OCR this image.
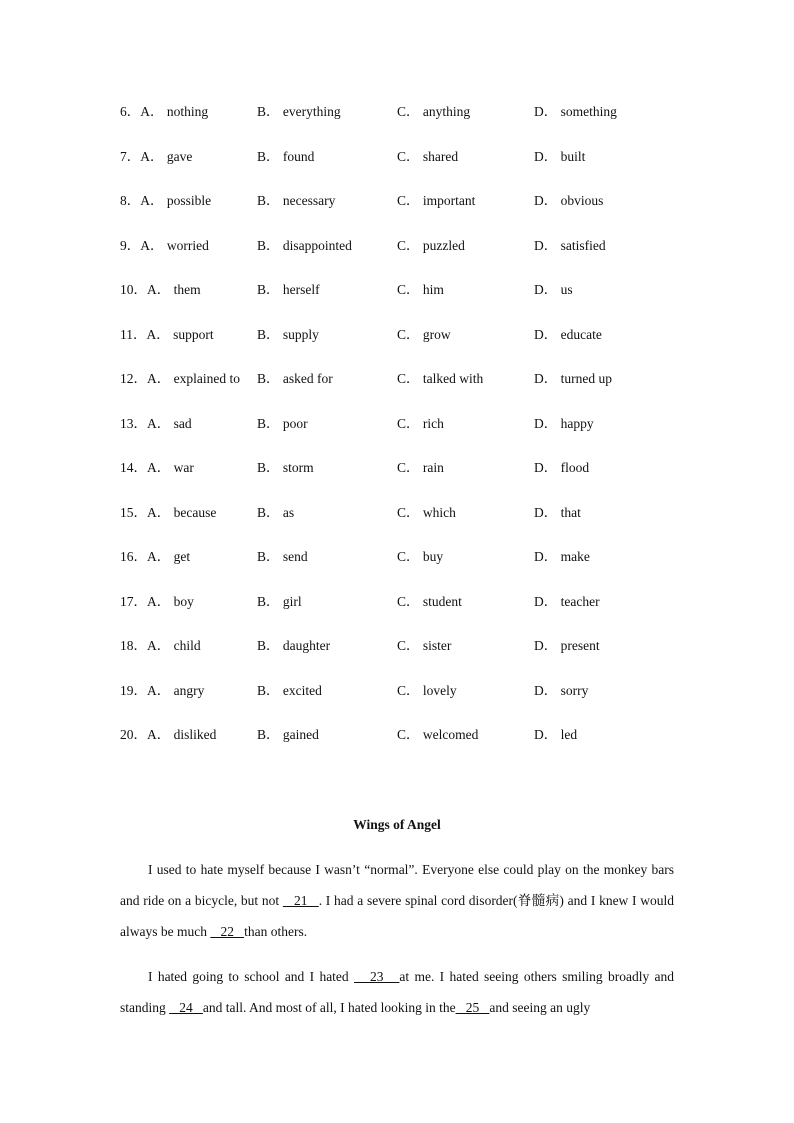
6．A． nothing	B． everything	C． anything	D． something
7．A． gave	B． found	C． shared	D． built
8．A． possible	B． necessary	C． important	D． obvious
9．A． worried	B． disappointed	C． puzzled	D． satisfied
10．A． them	B． herself	C． him	D． us
11．A． support	B． supply	C． grow	D． educate
12．A． explained to B． asked for	C． talked with	D． turned up
13．A． sad	B． poor	C． rich	D． happy
14．A． war	B． storm	C． rain	D． flood
15．A． because	B． as	C． which	D． that
16．A． get	B． send	C． buy	D． make
17．A． boy	B． girl	C． student	D． teacher
18．A． child	B． daughter	C． sister	D． present
19．A． angry	B． excited	C． lovely	D． sorry
20．A． disliked	B． gained	C． welcomed	D． led
Wings of Angel

I used to hate myself because I wasn’t “normal”. Everyone else could play on the monkey bars and ride on a bicycle, but not    21   . I had a severe spinal cord disorder(脊髓病) and I knew I would always be much    22   than others.

I hated going to school and I hated    23   at me. I hated seeing others smiling broadly and standing    24   and tall. And most of all, I hated looking in the   25   and seeing an ugly
